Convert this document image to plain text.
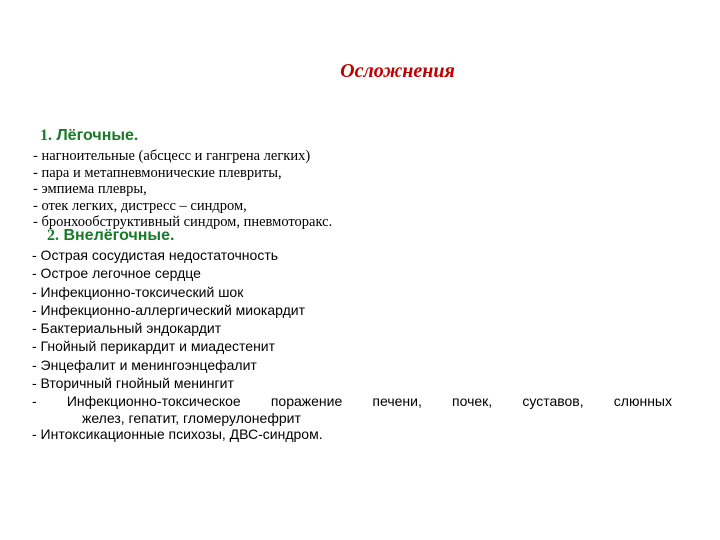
Осложнения
1. Лёгочные.
- нагноительные (абсцесс и гангрена легких)
- пара и метапневмонические плевриты,
- эмпиема плевры,
- отек легких, дистресс – синдром,
- бронхообструктивный синдром, пневмоторакс.
2. Внелёгочные.
- Острая сосудистая недостаточность
- Острое легочное сердце
- Инфекционно-токсический шок
- Инфекционно-аллергический миокардит
- Бактериальный эндокардит
- Гнойный перикардит и миадестенит
- Энцефалит и менингоэнцефалит
- Вторичный гнойный менингит
- Инфекционно-токсическое поражение печени, почек, суставов, слюнных
желез, гепатит, гломерулонефрит
- Интоксикационные психозы, ДВС-синдром.
